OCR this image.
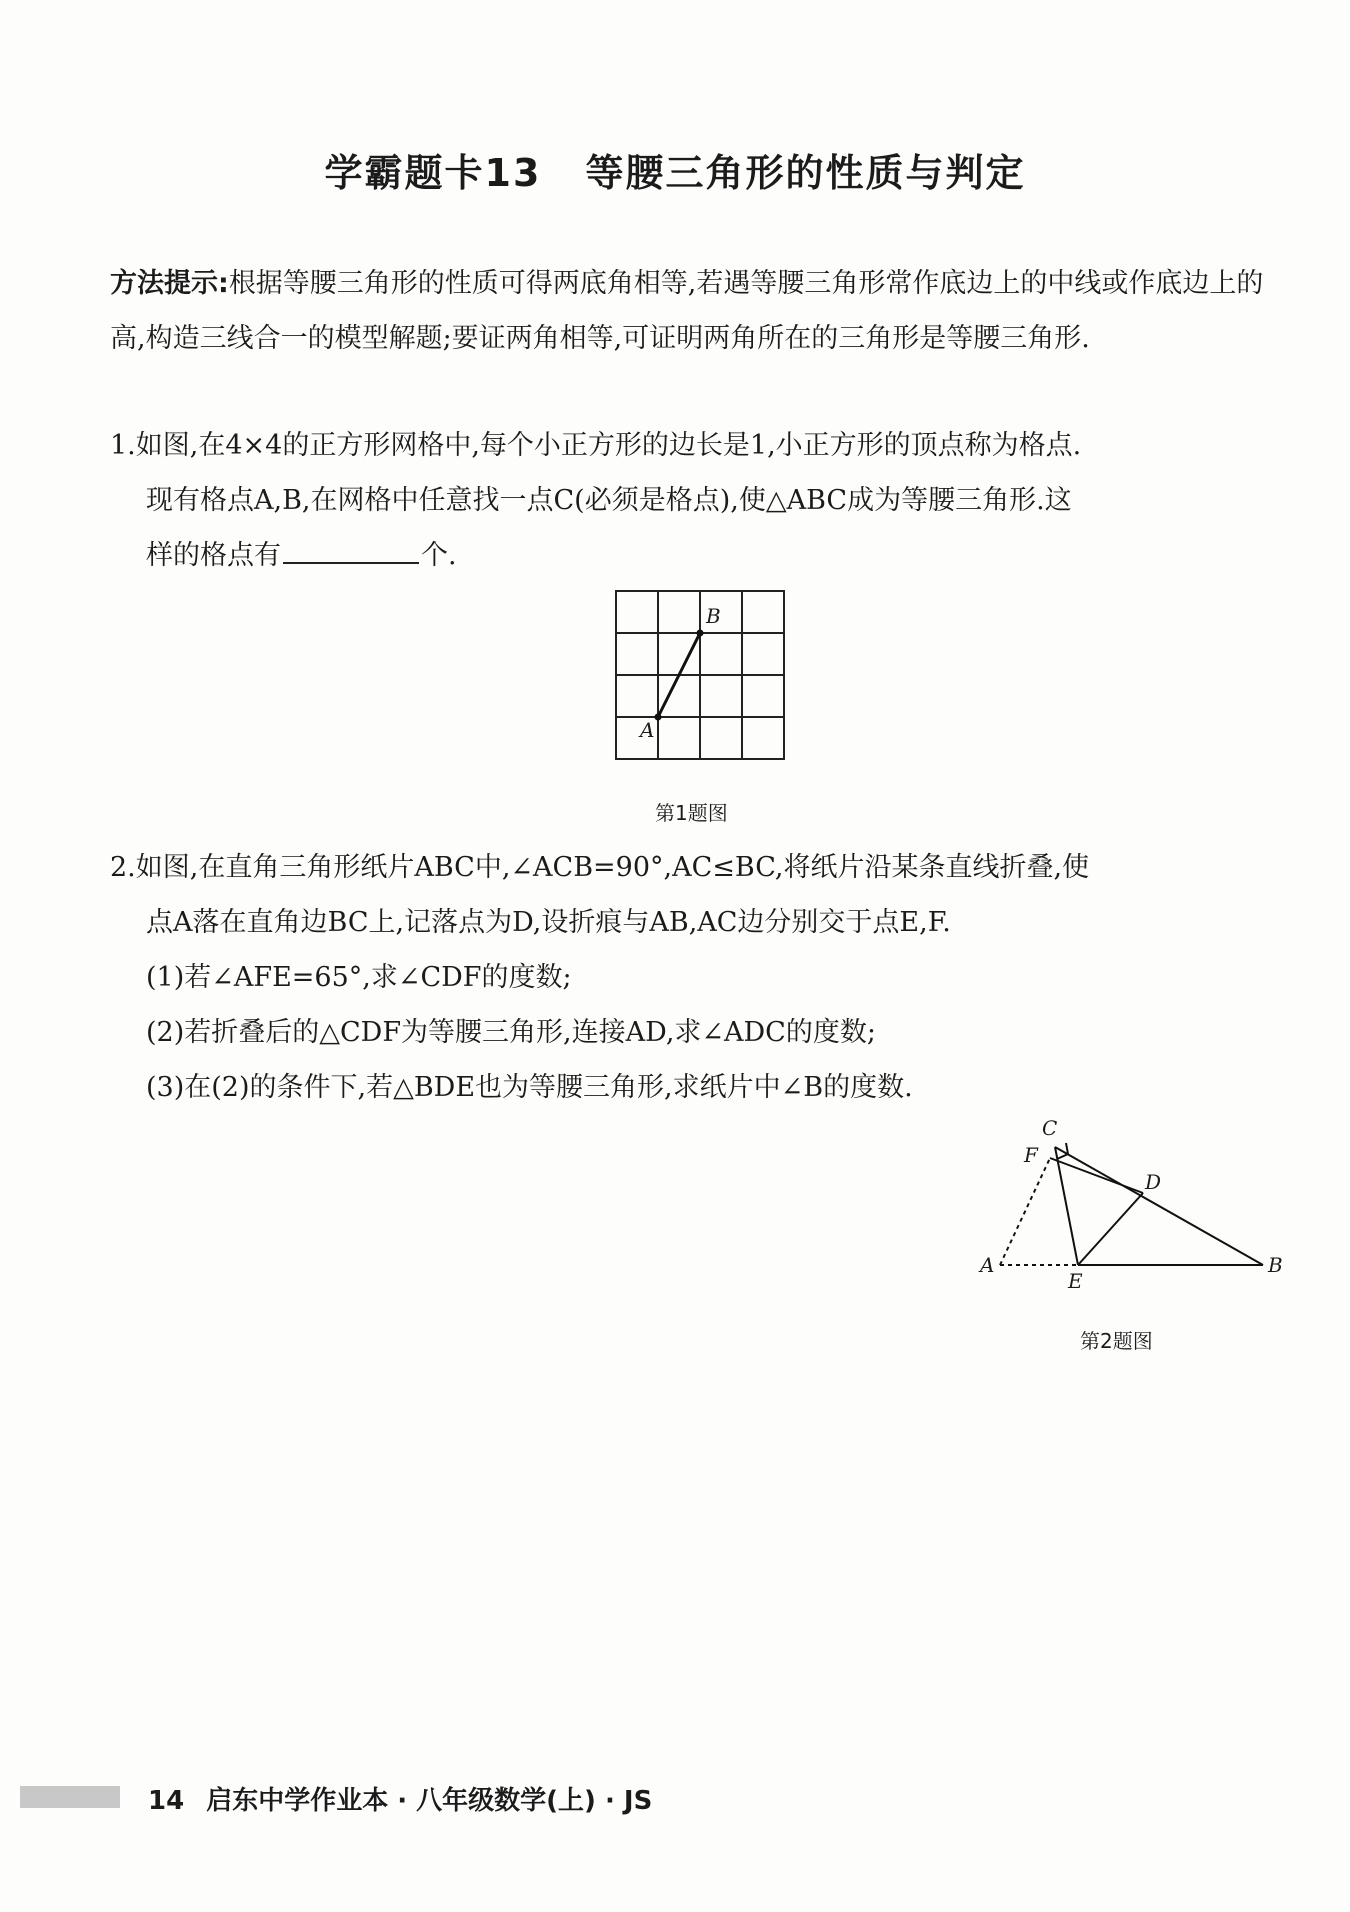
学霸题卡13 等腰三角形的性质与判定
方法提示:根据等腰三角形的性质可得两底角相等,若遇等腰三角形常作底边上的中线或作底边上的高,构造三线合一的模型解题;要证两角相等,可证明两角所在的三角形是等腰三角形.
1.如图,在4×4的正方形网格中,每个小正方形的边长是1,小正方形的顶点称为格点.
现有格点A,B,在网格中任意找一点C(必须是格点),使△ABC成为等腰三角形.这
样的格点有	个.
A
B
第1题图
2.如图,在直角三角形纸片ABC中,∠ACB=90°,AC≤BC,将纸片沿某条直线折叠,使
点A落在直角边BC上,记落点为D,设折痕与AB,AC边分别交于点E,F.
(1)若∠AFE=65°,求∠CDF的度数;
(2)若折叠后的△CDF为等腰三角形,连接AD,求∠ADC的度数;
(3)在(2)的条件下,若△BDE也为等腰三角形,求纸片中∠B的度数.
C
F
D
A
E
B
第2题图
14 启东中学作业本 · 八年级数学(上) · JS
